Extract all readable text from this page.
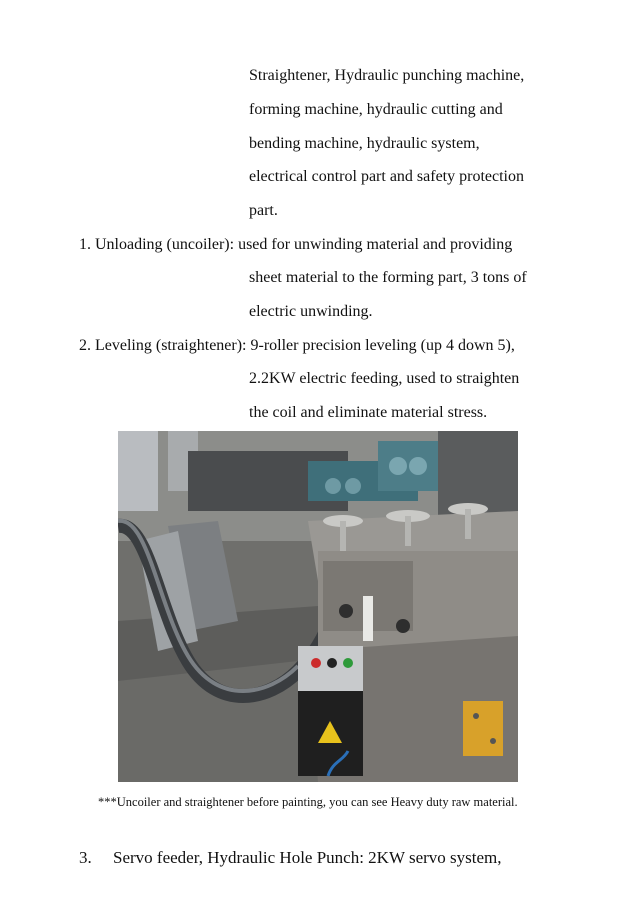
Straightener, Hydraulic punching machine,
forming machine, hydraulic cutting and
bending machine, hydraulic system,
electrical control part and safety protection
part.
1. Unloading (uncoiler): used for unwinding material and providing
sheet material to the forming part, 3 tons of
electric unwinding.
2. Leveling (straightener): 9-roller precision leveling (up 4 down 5),
2.2KW electric feeding, used to straighten
the coil and eliminate material stress.
***Uncoiler and straightener before painting, you can see Heavy duty raw material.
3. Servo feeder, Hydraulic Hole Punch: 2KW servo system,
